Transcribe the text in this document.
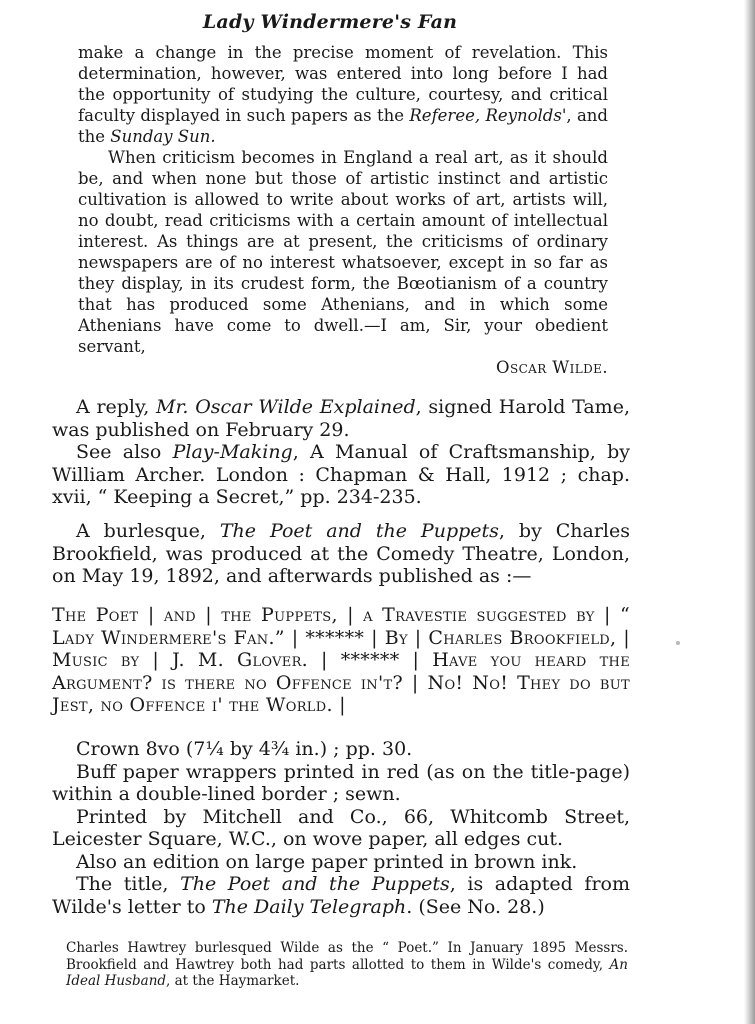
Lady Windermere's Fan

make a change in the precise moment of revelation. This determination, however, was entered into long before I had the opportunity of studying the culture, courtesy, and critical faculty displayed in such papers as the Referee, Reynolds', and the Sunday Sun.

When criticism becomes in England a real art, as it should be, and when none but those of artistic instinct and artistic cultivation is allowed to write about works of art, artists will, no doubt, read criticisms with a certain amount of intellectual interest. As things are at present, the criticisms of ordinary newspapers are of no interest whatsoever, except in so far as they display, in its crudest form, the Bœotianism of a country that has produced some Athenians, and in which some Athenians have come to dwell.—I am, Sir, your obedient servant,

Oscar Wilde.

A reply, Mr. Oscar Wilde Explained, signed Harold Tame, was published on February 29.

See also Play-Making, A Manual of Craftsmanship, by William Archer. London : Chapman & Hall, 1912 ; chap. xvii, “ Keeping a Secret,” pp. 234-235.

A burlesque, The Poet and the Puppets, by Charles Brookfield, was produced at the Comedy Theatre, London, on May 19, 1892, and afterwards published as :—

The Poet | and | the Puppets, | a Travestie suggested by | “ Lady Windermere's Fan.” | ****** | By | Charles Brookfield, | Music by | J. M. Glover. | ****** | Have you heard the Argument? is there no Offence in't? | No! No! They do but Jest, no Offence i' the World. |

Crown 8vo (7¼ by 4¾ in.) ; pp. 30.

Buff paper wrappers printed in red (as on the title-page) within a double-lined border ; sewn.

Printed by Mitchell and Co., 66, Whitcomb Street, Leicester Square, W.C., on wove paper, all edges cut.

Also an edition on large paper printed in brown ink.

The title, The Poet and the Puppets, is adapted from Wilde's letter to The Daily Telegraph. (See No. 28.)

Charles Hawtrey burlesqued Wilde as the “ Poet.” In January 1895 Messrs. Brookfield and Hawtrey both had parts allotted to them in Wilde's comedy, An Ideal Husband, at the Haymarket.
